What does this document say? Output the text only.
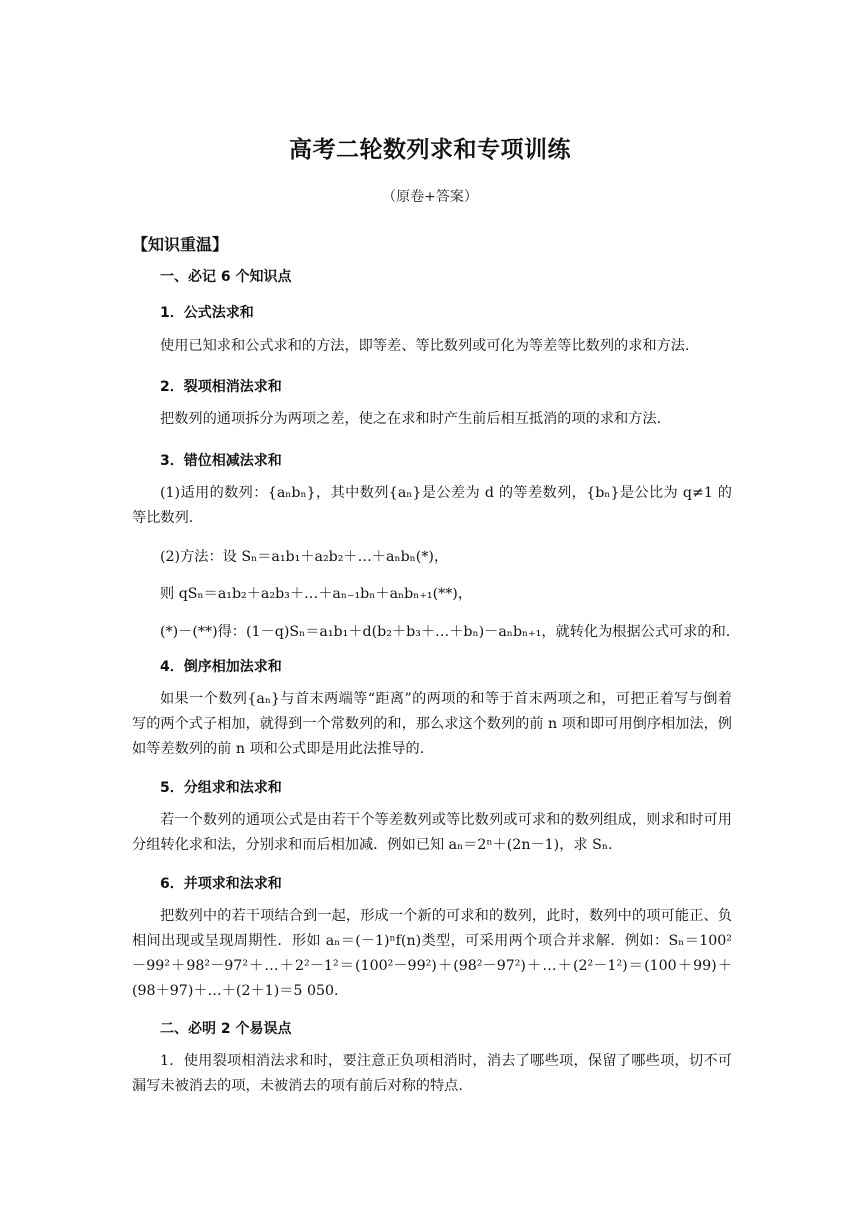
高考二轮数列求和专项训练
（原卷+答案）
【知识重温】
一、必记 6 个知识点
1．公式法求和
使用已知求和公式求和的方法，即等差、等比数列或可化为等差等比数列的求和方法.
2．裂项相消法求和
把数列的通项拆分为两项之差，使之在求和时产生前后相互抵消的项的求和方法.
3．错位相减法求和
(1)适用的数列：{aₙbₙ}，其中数列{aₙ}是公差为 d 的等差数列，{bₙ}是公比为 q≠1 的等比数列.
(2)方法：设 Sₙ＝a₁b₁＋a₂b₂＋…＋aₙbₙ(*)，
则 qSₙ＝a₁b₂＋a₂b₃＋…＋aₙ₋₁bₙ＋aₙbₙ₊₁(**)，
(*)－(**)得：(1－q)Sₙ＝a₁b₁＋d(b₂＋b₃＋…＋bₙ)－aₙbₙ₊₁，就转化为根据公式可求的和.
4．倒序相加法求和
如果一个数列{aₙ}与首末两端等“距离”的两项的和等于首末两项之和，可把正着写与倒着写的两个式子相加，就得到一个常数列的和，那么求这个数列的前 n 项和即可用倒序相加法，例如等差数列的前 n 项和公式即是用此法推导的.
5．分组求和法求和
若一个数列的通项公式是由若干个等差数列或等比数列或可求和的数列组成，则求和时可用分组转化求和法，分别求和而后相加减．例如已知 aₙ＝2ⁿ＋(2n－1)，求 Sₙ.
6．并项求和法求和
把数列中的若干项结合到一起，形成一个新的可求和的数列，此时，数列中的项可能正、负相间出现或呈现周期性．形如 aₙ＝(－1)ⁿf(n)类型，可采用两个项合并求解．例如：Sₙ＝100²－99²＋98²－97²＋…＋2²－1²＝(100²－99²)＋(98²－97²)＋…＋(2²－1²)＝(100＋99)＋(98＋97)＋…＋(2＋1)＝5 050.
二、必明 2 个易误点
1．使用裂项相消法求和时，要注意正负项相消时，消去了哪些项，保留了哪些项，切不可漏写未被消去的项，未被消去的项有前后对称的特点.
